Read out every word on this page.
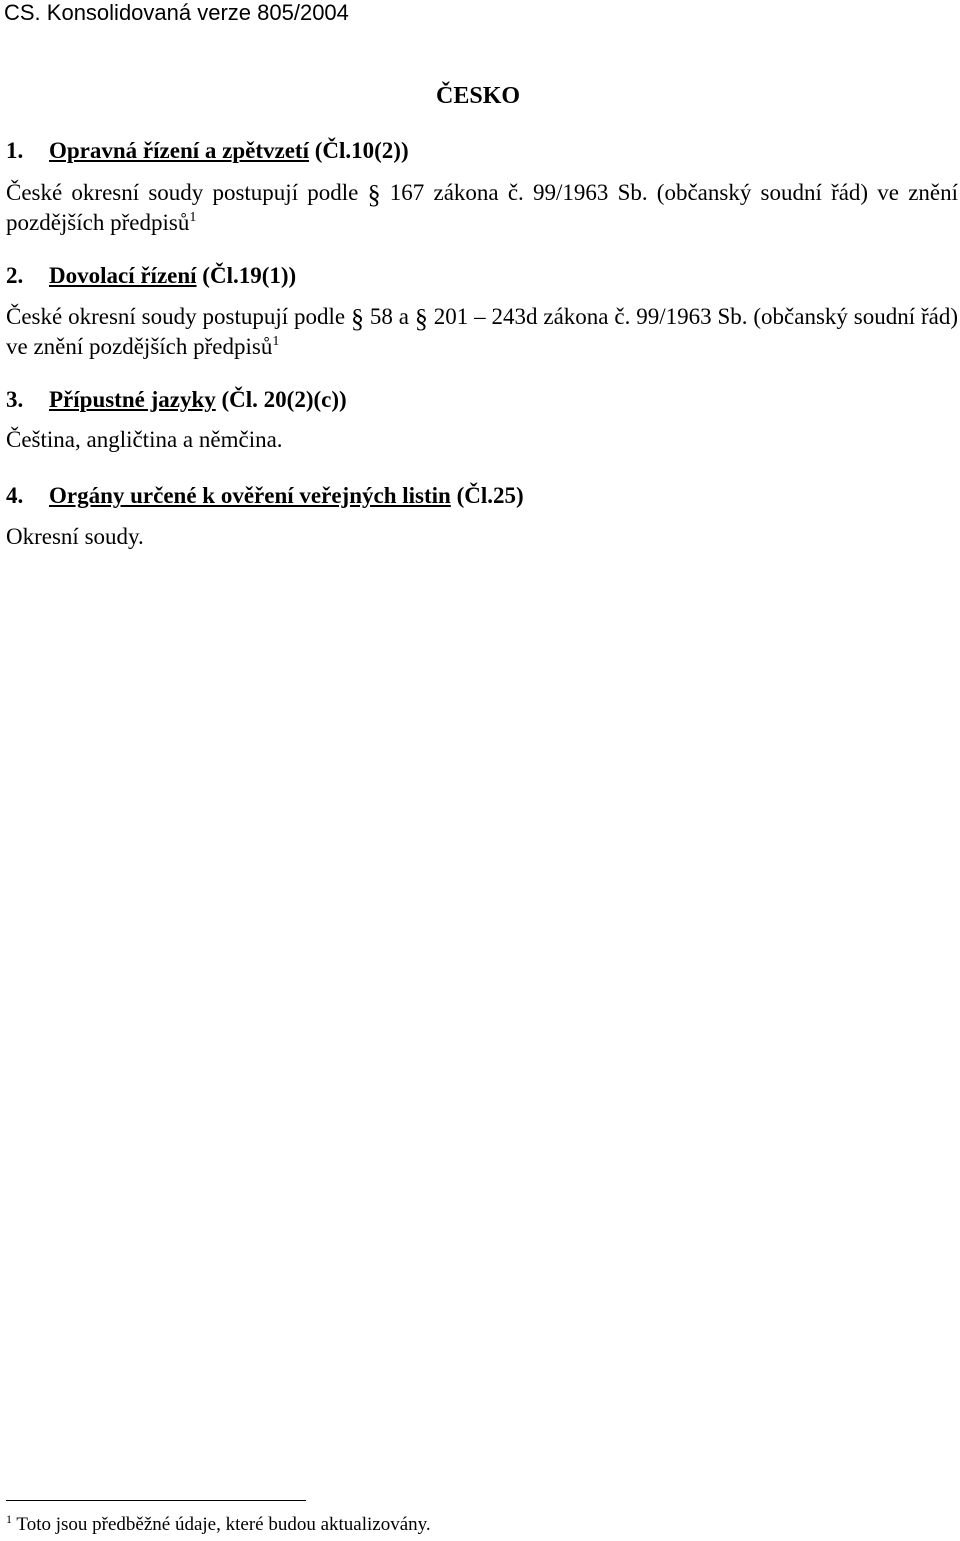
CS. Konsolidovaná verze 805/2004
ČESKO
1. Opravná řízení a zpětvzetí (Čl.10(2))
České okresní soudy postupují podle § 167 zákona č. 99/1963 Sb. (občanský soudní řád) ve znění pozdějších předpisů$^1$
2. Dovolací řízení (Čl.19(1))
České okresní soudy postupují podle § 58 a § 201 – 243d zákona č. 99/1963 Sb. (občanský soudní řád) ve znění pozdějších předpisů$^1$
3. Přípustné jazyky (Čl. 20(2)(c))
Čeština, angličtina a němčina.
4. Orgány určené k ověření veřejných listin (Čl.25)
Okresní soudy.
$^1$ Toto jsou předběžné údaje, které budou aktualizovány.
